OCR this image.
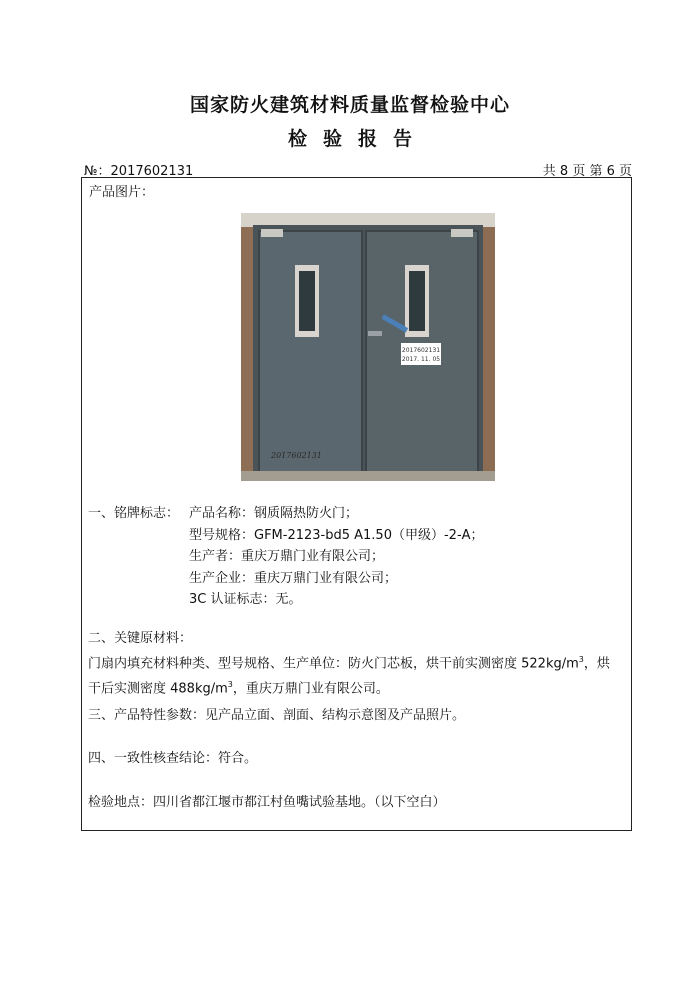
国家防火建筑材料质量监督检验中心
检验报告
№：2017602131	共 8 页 第 6 页
产品图片：
2017602131
2017. 11. 05
2017602131
一、铭牌标志： 产品名称：钢质隔热防火门；
型号规格：GFM-2123-bd5 A1.50（甲级）-2-A；
生产者：重庆万鼎门业有限公司；
生产企业：重庆万鼎门业有限公司；
3C 认证标志：无。
二、关键原材料：
门扇内填充材料种类、型号规格、生产单位：防火门芯板，烘干前实测密度 $522kg/m^3$，烘
干后实测密度 $488kg/m^3$，重庆万鼎门业有限公司。
三、产品特性参数：见产品立面、剖面、结构示意图及产品照片。
四、一致性核查结论：符合。
检验地点：四川省都江堰市都江村鱼嘴试验基地。（以下空白）
